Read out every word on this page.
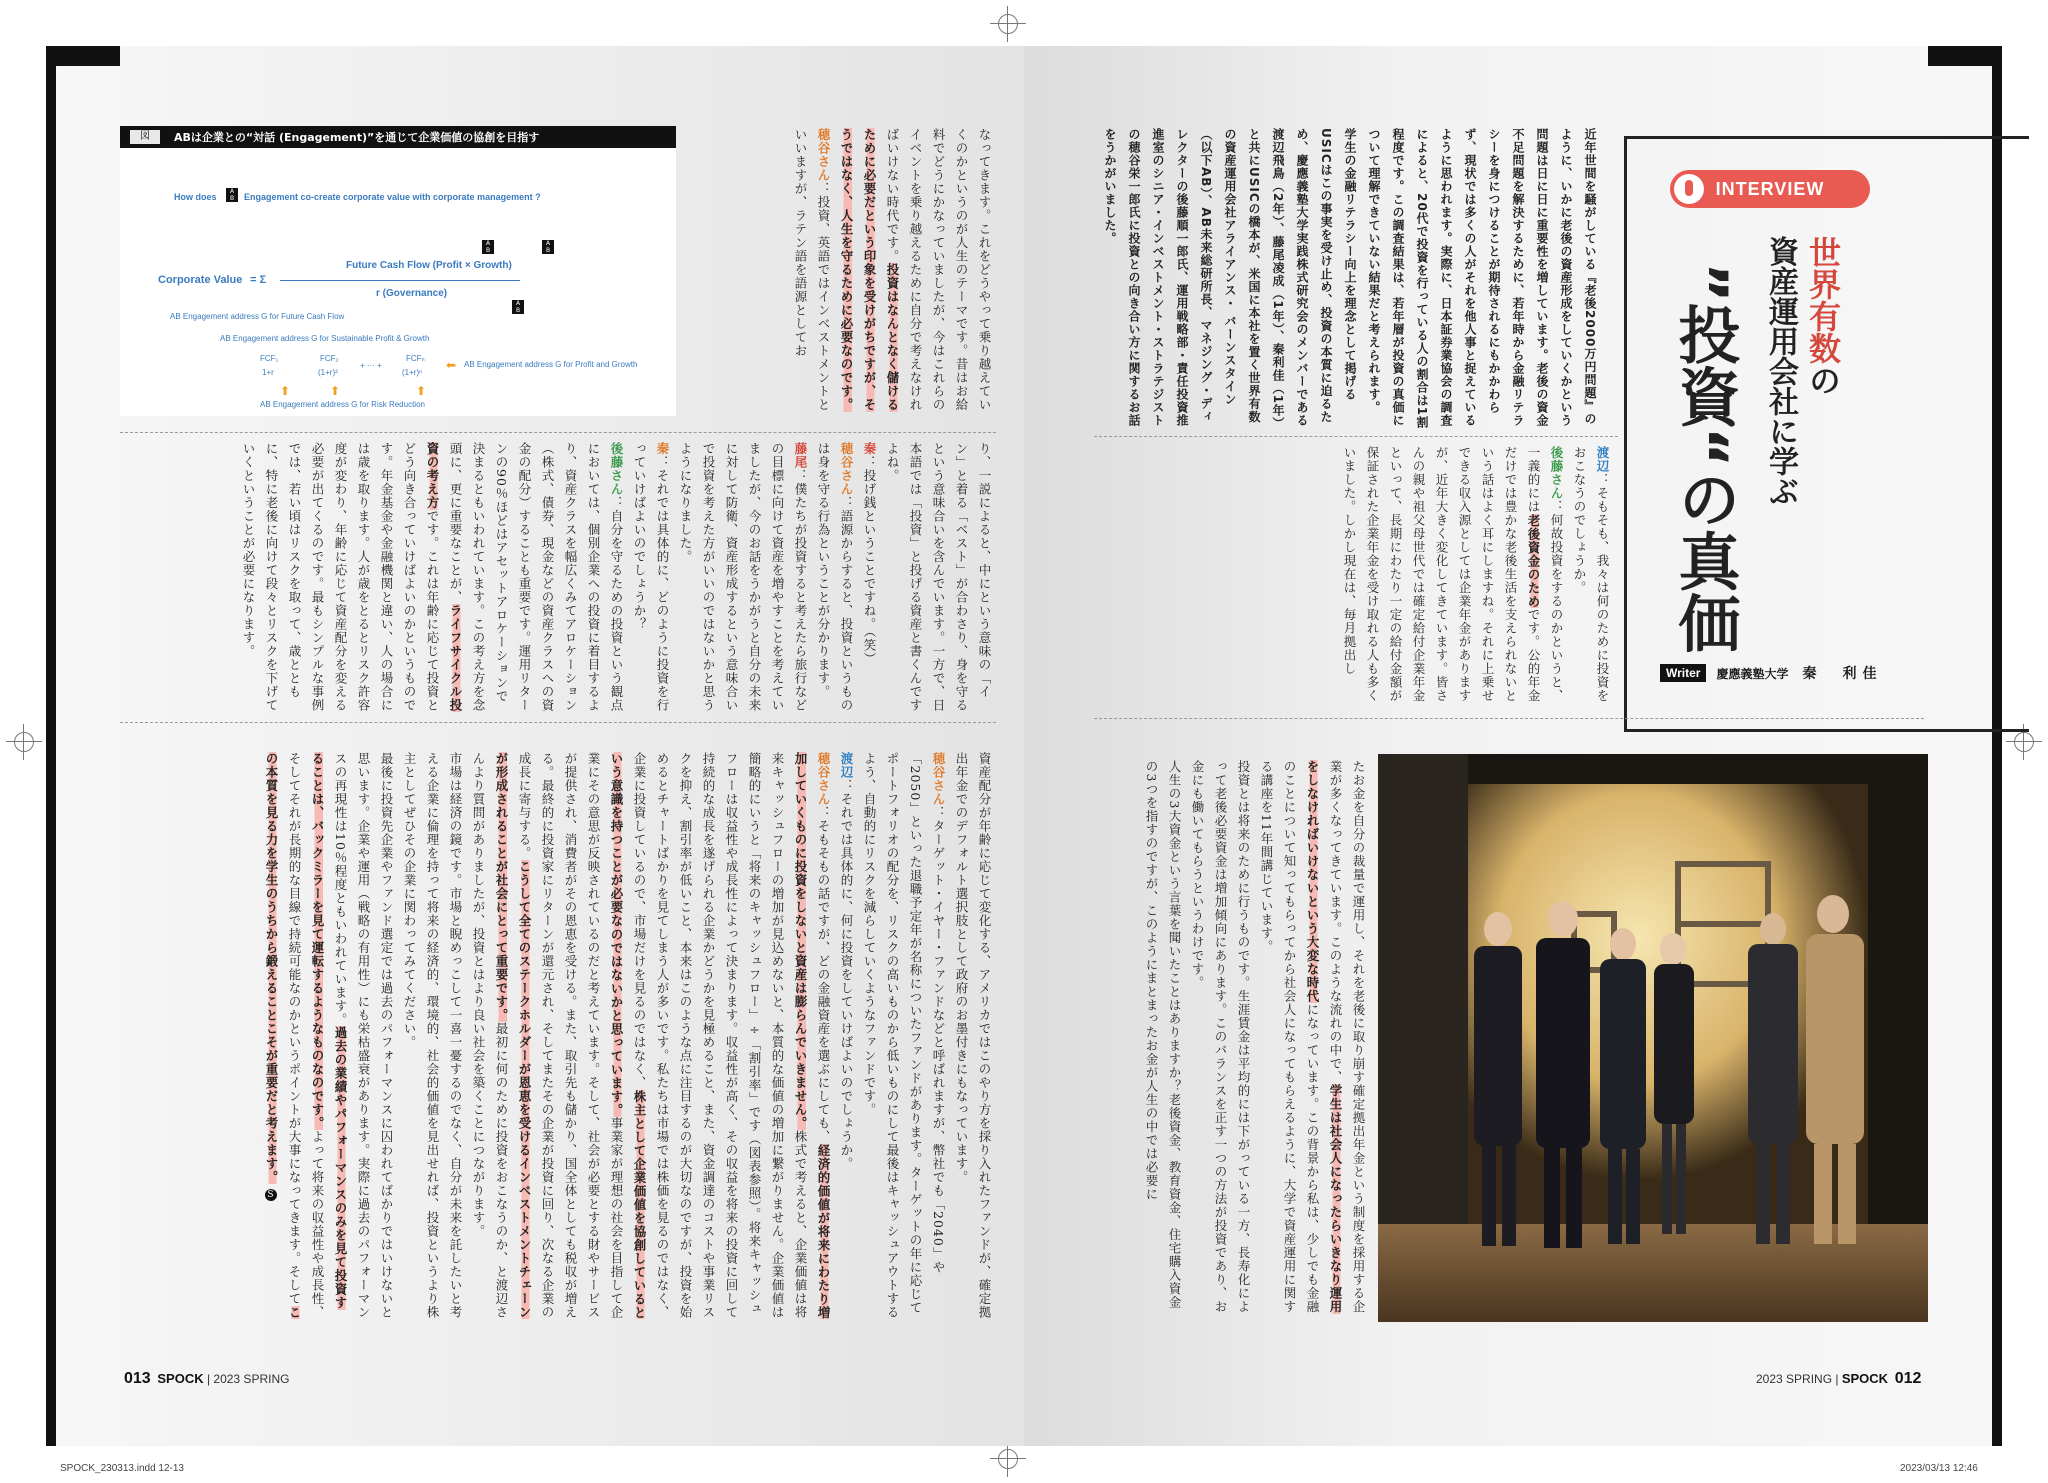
SPOCK_230313.indd 12-13	2023/03/13 12:46
INTERVIEW
世界有数の
資産運用会社に学ぶ
”投資“の真価
Writer	慶應義塾大学 秦　利佳
近年世間を騒がしている『老後2000万円問題』のように、いかに老後の資産形成をしていくかという問題は日に日に重要性を増しています。老後の資金不足問題を解決するために、若年時から金融リテラシーを身につけることが期待されるにもかかわらず、現状では多くの人がそれを他人事と捉えているように思われます。実際に、日本証券業協会の調査によると、20代で投資を行っている人の割合は1割程度です。この調査結果は、若年層が投資の真価について理解できていない結果だと考えられます。 学生の金融リテラシー向上を理念として掲げるUSICはこの事実を受け止め、投資の本質に迫るため、慶應義塾大学実践株式研究会のメンバーである渡辺飛鳥（2年）、藤尾凌成（1年）、秦利佳（1年）と共にUSICの橋本が、米国に本社を置く世界有数の資産運用会社アライアンス・ バーンスタイン（以下AB）、AB未来総研所長、マネジング・ディレクターの後藤順一郎氏、運用戦略部・責任投資推進室のシニア・インベストメント・ストラテジストの穂谷栄一郎氏に投資との向き合い方に関するお話をうかがいました。
渡辺：そもそも、我々は何のために投資をおこなうのでしょうか。
後藤さん：何故投資をするのかというと、一義的には老後資金のためです。公的年金だけでは豊かな老後生活を支えられないという話はよく耳にしますね。それに上乗せできる収入源としては企業年金がありますが、近年大きく変化してきています。皆さんの親や祖父母世代では確定給付企業年金といって、長期にわたり一定の給付金額が保証された企業年金を受け取れる人も多くいました。しかし現在は、毎月拠出し
たお金を自分の裁量で運用し、それを老後に取り崩す確定拠出年金という制度を採用する企業が多くなってきています。このような流れの中で、学生は社会人になったらいきなり運用をしなければいけないという大変な時代になっています。この背景から私は、少しでも金融のことについて知ってもらってから社会人になってもらえるように、大学で資産運用に関する講座を11年間講じています。
投資とは将来のために行うものです。生涯賃金は平均的には下がっている一方、長寿化によって老後必要資金は増加傾向にあります。このバランスを正す一つの方法が投資であり、お金にも働いてもらうというわけです。
人生の3大資金という言葉を聞いたことはありますか？老後資金、教育資金、住宅購入資金の3つを指すのですが、このようにまとまったお金が人生の中では必要に
2023 SPRING | SPOCK 012
図	ABは企業との“対話 (Engagement)”を通じて企業価値の協創を目指す
How does
A
B	Engagement co-create corporate value with corporate management ?
Corporate Value = Σ
Future Cash Flow (Profit × Growth)
r (Governance)
A
B
A
B
A
B
AB Engagement address G for Future Cash Flow
AB Engagement address G for Sustainable Profit & Growth
FCF₁
1+r
FCF₂
(1+r)²
+ ··· +
FCFₙ
(1+r)ⁿ
AB Engagement address G for Profit and Growth
AB Engagement address G for Risk Reduction
⬆	⬆	⬆
⬅	なってきます。これをどうやって乗り越えていくのかというのが人生のテーマです。昔はお給料でどうにかなっていましたが、今はこれらのイベントを乗り越えるために自分で考えなければいけない時代です。投資はなんとなく儲けるために必要だという印象を受けがちですが、そうではなく、人生を守るために必要なのです。
穂谷さん：投資、英語ではインベストメントといいますが、ラテン語を語源としてお
り、一説によると、中にという意味の「イン」と着る「ベスト」が合わさり、身を守るという意味合いを含んでいます。一方で、日本語では「投資」と投げる資産と書くんですよね。
秦：投げ銭ということですね。（笑）
穂谷さん：語源からすると、投資というものは身を守る行為ということが分かります。
藤尾：僕たちが投資すると考えたら旅行などの目標に向けて資産を増やすことを考えていましたが、今のお話をうかがうと自分の未来に対して防衛、資産形成するという意味合いで投資を考えた方がいいのではないかと思うようになりました。
秦：それでは具体的に、どのように投資を行っていけばよいのでしょうか？
後藤さん：自分を守るための投資という観点においては、個別企業への投資に着目するより、資産クラスを幅広くみてアロケーション（株式、債券、現金などの資産クラスへの資金の配分）することも重要です。運用リターンの90％ほどはアセットアロケーションで決まるともいわれています。この考え方を念頭に、更に重要なことが、ライフサイクル投資の考え方です。これは年齢に応じて投資とどう向き合っていけばよいのかというものです。年金基金や金融機関と違い、人の場合には歳を取ります。人が歳をとるとリスク許容度が変わり、年齢に応じて資産配分を変える必要が出てくるのです。最もシンプルな事例では、若い頃はリスクを取って、歳とともに、特に老後に向けて段々とリスクを下げていくということが必要になります。
資産配分が年齢に応じて変化する、アメリカではこのやり方を採り入れたファンドが、確定拠出年金でのデフォルト選択肢として政府のお墨付きにもなっています。
穂谷さん：ターゲット・イヤー・ファンドなどと呼ばれますが、幣社でも「2040」や「2050」といった退職予定年が名称についたファンドがあります。ターゲットの年に応じてポートフォリオの配分を、リスクの高いものから低いものにして最後はキャッシュアウトするよう、自動的にリスクを減らしていくようなファンドです。
渡辺：それでは具体的に、何に投資をしていけばよいのでしょうか。
穂谷さん：そもそもの話ですが、どの金融資産を選ぶにしても、経済的価値が将来にわたり増加していくものに投資をしないと資産は膨らんでいきません。株式で考えると、企業価値は将来キャッシュフローの増加が見込めないと、本質的な価値の増加に繋がりません。企業価値は簡略的にいうと「将来のキャッシュフロー」÷「割引率」です（図表参照）。将来キャッシュフローは収益性や成長性によって決まります。収益性が高く、その収益を将来の投資に回して持続的な成長を遂げられる企業かどうかを見極めること、また、資金調達のコストや事業リスクを抑え、割引率が低いこと、本来はこのような点に注目するのが大切なのですが、投資を始めるとチャートばかりを見てしまう人が多いです。私たちは市場では株価を見るのではなく、企業に投資しているので、市場だけを見るのではなく、株主として企業価値を協創しているという意識を持つことが必要なのではないかと思っています。事業家が理想の社会を目指して企業にその意思が反映されているのだと考えています。そして、社会が必要とする財やサービスが提供され、消費者がその恩恵を受ける。また、取引先も儲かり、国全体としても税収が増える。最終的に投資家にリターンが還元され、そしてまたその企業が投資に回り、次なる企業の成長に寄与する。こうして全てのステークホルダーが恩恵を受けるインベストメントチェーンが形成されることが社会にとって重要です。最初に何のために投資をおこなうのか、と渡辺さんより質問がありましたが、投資とはより良い社会を築くことにつながります。
市場は経済の鏡です。市場と睨めっこして一喜一憂するのでなく、自分が未来を託したいと考える企業に倫理を持って将来の経済的、環境的、社会的価値を見出せれば、投資というより株主としてぜひその企業に関わってみてください。
最後に投資先企業やファンド選定では過去のパフォーマンスに囚われてばかりではいけないと思います。企業や運用（戦略の有用性）にも栄枯盛衰があります。実際に過去のパフォーマンスの再現性は10％程度ともいわれています。過去の業績やパフォーマンスのみを見て投資することは、バックミラーを見て運転するようなものなのです。よって将来の収益性や成長性、そしてそれが長期的な目線で持続可能なのかというポイントが大事になってきます。そしてこの本質を見る力を学生のうちから鍛えることこそが重要だと考えます。 S
013 SPOCK | 2023 SPRING
